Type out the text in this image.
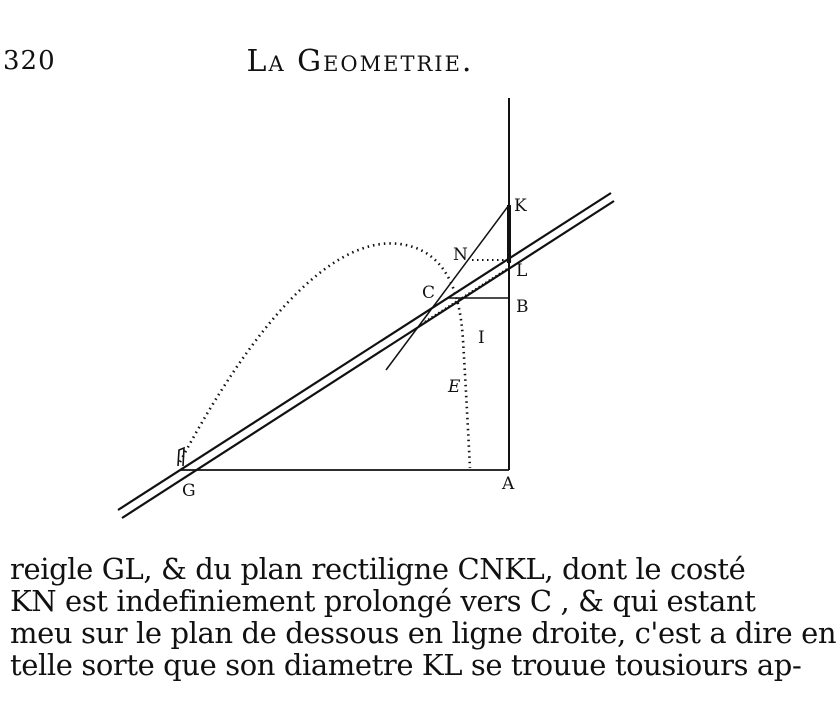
320	La Geometrie.
K
N
L
C
B
I
E
G	A
reigle GL, & du plan rectiligne CNKL, dont le costé
KN est indefiniement prolongé vers C , & qui estant
meu sur le plan de dessous en ligne droite, c'est a dire en
telle sorte que son diametre KL se trouue tousiours ap-
